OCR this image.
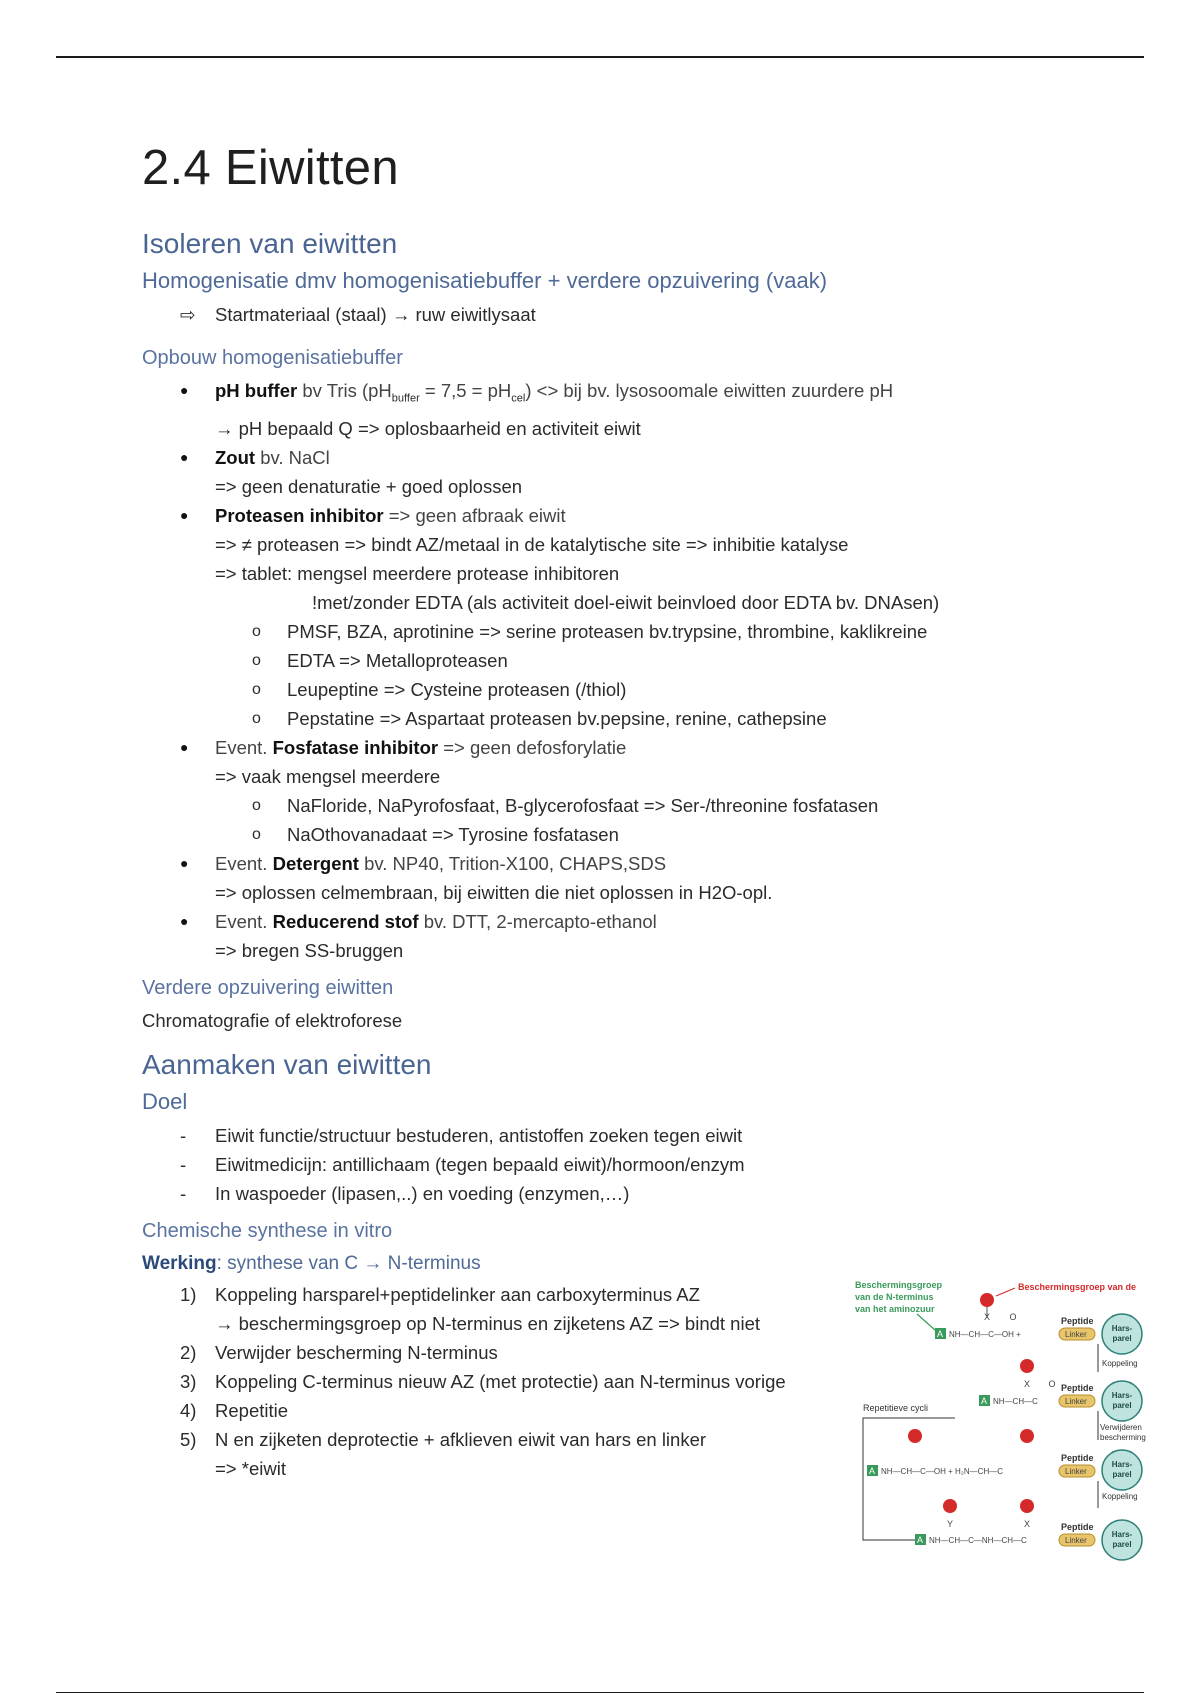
2.4 Eiwitten
Isoleren van eiwitten
Homogenisatie dmv homogenisatiebuffer + verdere opzuivering (vaak)
⇨ Startmateriaal (staal) → ruw eiwitlysaat
Opbouw homogenisatiebuffer
● pH buffer bv Tris $(pH_{buffer} = 7,5 = pH_{cel})$ <> bij bv. lysosoomale eiwitten zuurdere pH
→ pH bepaald Q => oplosbaarheid en activiteit eiwit
● Zout bv. NaCl
=> geen denaturatie + goed oplossen
● Proteasen inhibitor => geen afbraak eiwit
=> ≠ proteasen => bindt AZ/metaal in de katalytische site => inhibitie katalyse
=> tablet: mengsel meerdere protease inhibitoren
!met/zonder EDTA (als activiteit doel-eiwit beinvloed door EDTA bv. DNAsen)
o PMSF, BZA, aprotinine => serine proteasen bv.trypsine, thrombine, kaklikreine
o EDTA => Metalloproteasen
o Leupeptine => Cysteine proteasen (/thiol)
o Pepstatine => Aspartaat proteasen bv.pepsine, renine, cathepsine
● Event. Fosfatase inhibitor => geen defosforylatie
=> vaak mengsel meerdere
o NaFloride, NaPyrofosfaat, B-glycerofosfaat => Ser-/threonine fosfatasen
o NaOthovanadaat => Tyrosine fosfatasen
● Event. Detergent bv. NP40, Trition-X100, CHAPS,SDS
=> oplossen celmembraan, bij eiwitten die niet oplossen in H2O-opl.
● Event. Reducerend stof bv. DTT, 2-mercapto-ethanol
=> bregen SS-bruggen
Verdere opzuivering eiwitten

Chromatografie of elektroforese

Aanmaken van eiwitten
Doel
- Eiwit functie/structuur bestuderen, antistoffen zoeken tegen eiwit
- Eiwitmedicijn: antillichaam (tegen bepaald eiwit)/hormoon/enzym
- In waspoeder (lipasen,..) en voeding (enzymen,…)
Chemische synthese in vitro

Werking: synthese van C → N-terminus

1) Koppeling harsparel+peptidelinker aan carboxyterminus AZ
→ beschermingsgroep op N-terminus en zijketens AZ => bindt niet
2) Verwijder bescherming N-terminus
3) Koppeling C-terminus nieuw AZ (met protectie) aan N-terminus vorige
4) Repetitie
5) N en zijketen deprotectie + afklieven eiwit van hars en linker
=> *eiwit
Beschermingsgroep
van de N-terminus
van het aminozuur
Beschermingsgroep van de
A
X O
NH—CH—C—OH +
Peptide
Linker
Hars-
parel
Koppeling
X O
Repetitieve cycli
A NH—CH—C
Peptide
Linker
Hars-
parel
Verwijderen
bescherming
A NH—CH—C—OH + H₂N—CH—C
Peptide
Linker
Hars-
parel
Koppeling
Y	X
A NH—CH—C—NH—CH—C
Peptide
Linker
Hars-
parel
